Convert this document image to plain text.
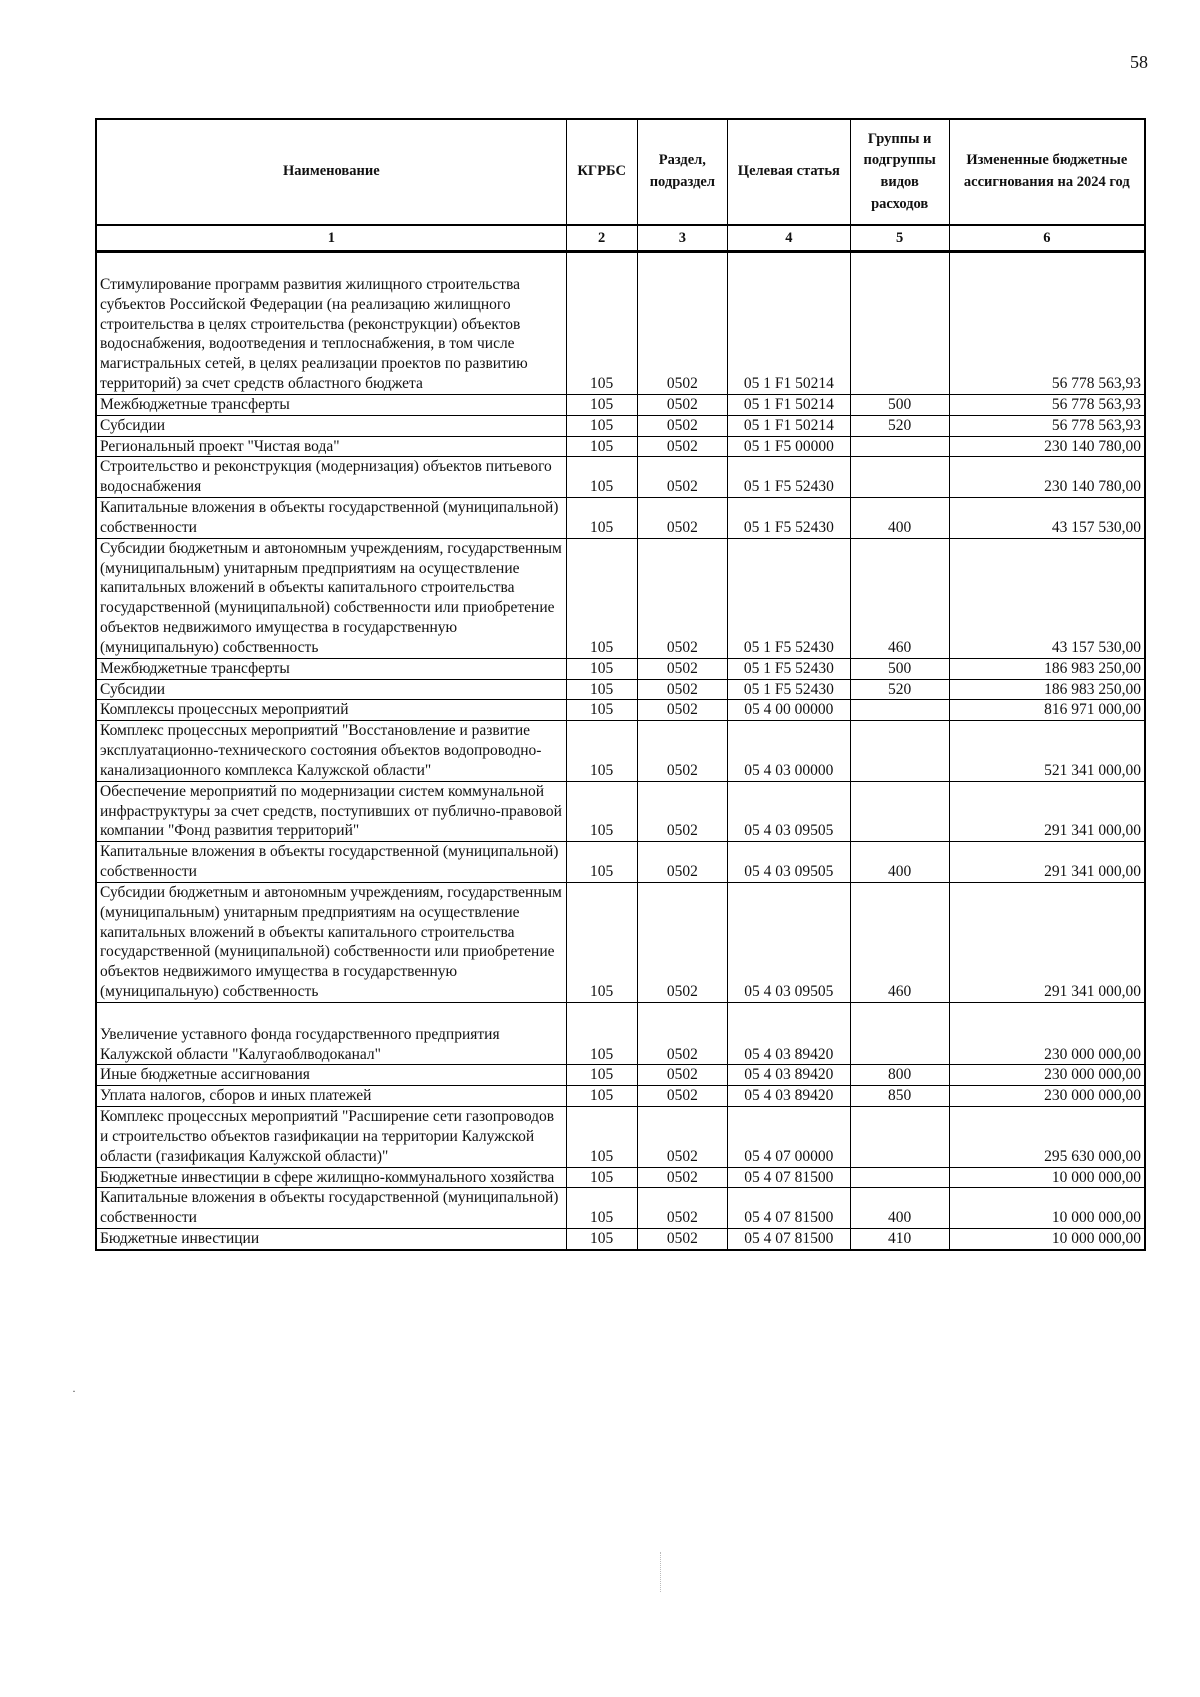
58
Наименование	КГРБС	Раздел, подраздел	Целевая статья	Группы и подгруппы видов расходов	Измененные бюджетные ассигнования на 2024 год
1	2	3	4	5	6
Стимулирование программ развития жилищного строительства субъектов Российской Федерации (на реализацию жилищного строительства в целях строительства (реконструкции) объектов водоснабжения, водоотведения и теплоснабжения, в том числе магистральных сетей, в целях реализации проектов по развитию территорий) за счет средств областного бюджета	105	0502	05 1 F1 50214		56 778 563,93
Межбюджетные трансферты	105	0502	05 1 F1 50214	500	56 778 563,93
Субсидии	105	0502	05 1 F1 50214	520	56 778 563,93
Региональный проект "Чистая вода"	105	0502	05 1 F5 00000		230 140 780,00
Строительство и реконструкция (модернизация) объектов питьевого водоснабжения	105	0502	05 1 F5 52430		230 140 780,00
Капитальные вложения в объекты государственной (муниципальной) собственности	105	0502	05 1 F5 52430	400	43 157 530,00
Субсидии бюджетным и автономным учреждениям, государственным (муниципальным) унитарным предприятиям на осуществление капитальных вложений в объекты капитального строительства государственной (муниципальной) собственности или приобретение объектов недвижимого имущества в государственную (муниципальную) собственность	105	0502	05 1 F5 52430	460	43 157 530,00
Межбюджетные трансферты	105	0502	05 1 F5 52430	500	186 983 250,00
Субсидии	105	0502	05 1 F5 52430	520	186 983 250,00
Комплексы процессных мероприятий	105	0502	05 4 00 00000		816 971 000,00
Комплекс процессных мероприятий "Восстановление и развитие эксплуатационно-технического состояния объектов водопроводно-канализационного комплекса Калужской области"	105	0502	05 4 03 00000		521 341 000,00
Обеспечение мероприятий по модернизации систем коммунальной инфраструктуры за счет средств, поступивших от публично-правовой компании "Фонд развития территорий"	105	0502	05 4 03 09505		291 341 000,00
Капитальные вложения в объекты государственной (муниципальной) собственности	105	0502	05 4 03 09505	400	291 341 000,00
Субсидии бюджетным и автономным учреждениям, государственным (муниципальным) унитарным предприятиям на осуществление капитальных вложений в объекты капитального строительства государственной (муниципальной) собственности или приобретение объектов недвижимого имущества в государственную (муниципальную) собственность	105	0502	05 4 03 09505	460	291 341 000,00
Увеличение уставного фонда государственного предприятия Калужской области "Калугаоблводоканал"	105	0502	05 4 03 89420		230 000 000,00
Иные бюджетные ассигнования	105	0502	05 4 03 89420	800	230 000 000,00
Уплата налогов, сборов и иных платежей	105	0502	05 4 03 89420	850	230 000 000,00
Комплекс процессных мероприятий "Расширение сети газопроводов и строительство объектов газификации на территории Калужской области (газификация Калужской области)"	105	0502	05 4 07 00000		295 630 000,00
Бюджетные инвестиции в сфере жилищно-коммунального хозяйства	105	0502	05 4 07 81500		10 000 000,00
Капитальные вложения в объекты государственной (муниципальной) собственности	105	0502	05 4 07 81500	400	10 000 000,00
Бюджетные инвестиции	105	0502	05 4 07 81500	410	10 000 000,00
·
